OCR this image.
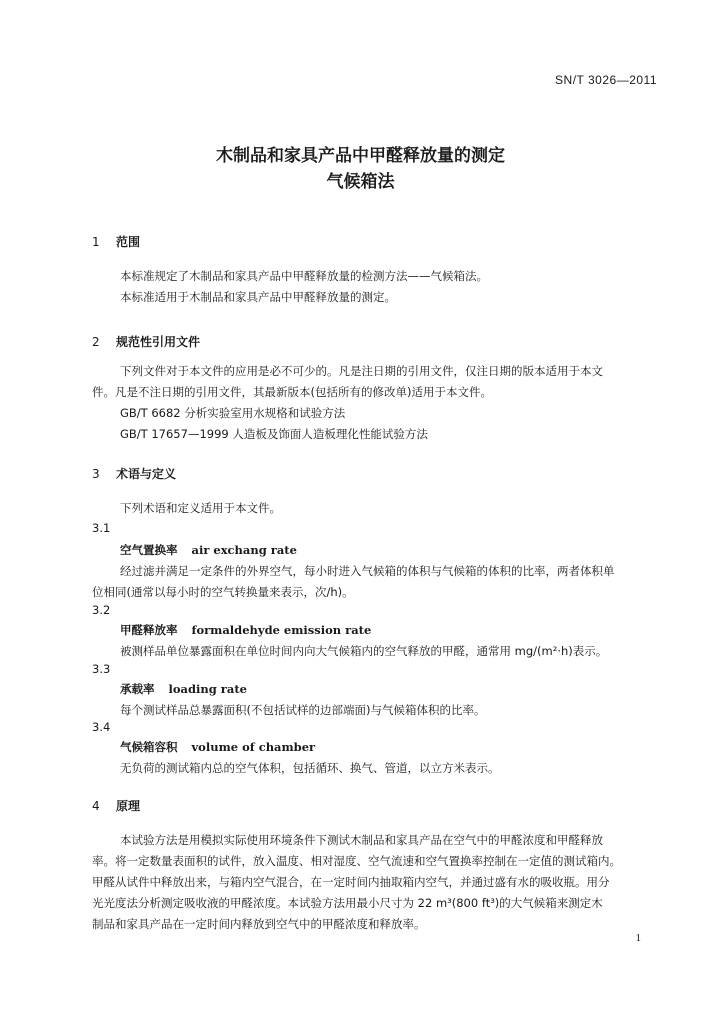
SN/T 3026—2011
木制品和家具产品中甲醛释放量的测定
气候箱法
1 范围
本标准规定了木制品和家具产品中甲醛释放量的检测方法——气候箱法。
本标准适用于木制品和家具产品中甲醛释放量的测定。
2 规范性引用文件
下列文件对于本文件的应用是必不可少的。凡是注日期的引用文件，仅注日期的版本适用于本文
件。凡是不注日期的引用文件，其最新版本(包括所有的修改单)适用于本文件。
GB/T 6682 分析实验室用水规格和试验方法
GB/T 17657—1999 人造板及饰面人造板理化性能试验方法
3 术语与定义
下列术语和定义适用于本文件。
3.1
空气置换率 air exchang rate
经过滤并满足一定条件的外界空气，每小时进入气候箱的体积与气候箱的体积的比率，两者体积单
位相同(通常以每小时的空气转换量来表示，次/h)。
3.2
甲醛释放率 formaldehyde emission rate
被测样品单位暴露面积在单位时间内向大气候箱内的空气释放的甲醛，通常用 mg/(m²·h)表示。
3.3
承载率 loading rate
每个测试样品总暴露面积(不包括试样的边部端面)与气候箱体积的比率。
3.4
气候箱容积 volume of chamber
无负荷的测试箱内总的空气体积，包括循环、换气、管道，以立方米表示。
4 原理
本试验方法是用模拟实际使用环境条件下测试木制品和家具产品在空气中的甲醛浓度和甲醛释放
率。将一定数量表面积的试件，放入温度、相对湿度、空气流速和空气置换率控制在一定值的测试箱内。
甲醛从试件中释放出来，与箱内空气混合，在一定时间内抽取箱内空气，并通过盛有水的吸收瓶。用分
光光度法分析测定吸收液的甲醛浓度。本试验方法用最小尺寸为 22 m³(800 ft³)的大气候箱来测定木
制品和家具产品在一定时间内释放到空气中的甲醛浓度和释放率。
1
